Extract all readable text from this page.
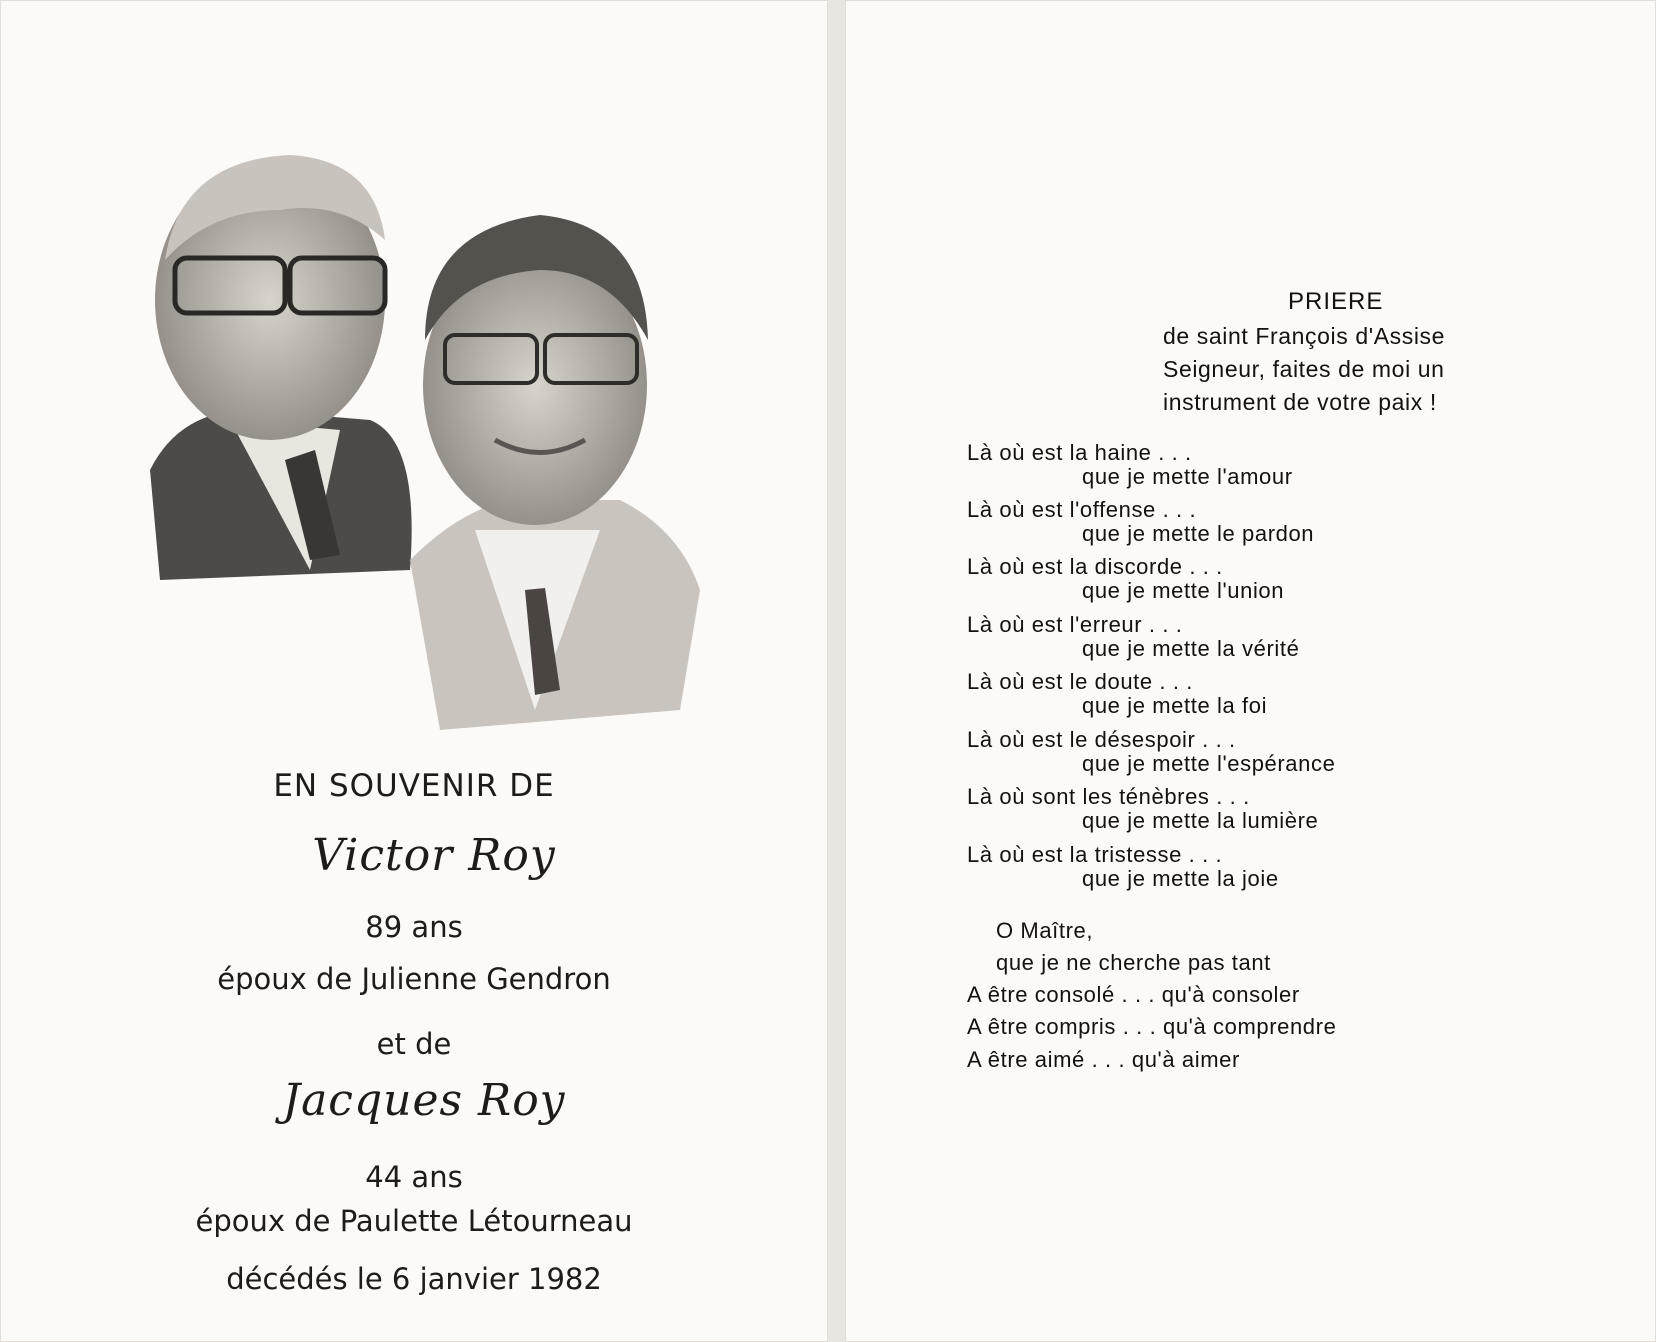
EN SOUVENIR DE
Victor Roy
89 ans
époux de Julienne Gendron
et de
Jacques Roy
44 ans
époux de Paulette Létourneau
décédés le 6 janvier 1982
PRIERE
de saint François d'Assise
Seigneur, faites de moi un
instrument de votre paix !
Là où est la haine . . .
que je mette l'amour
Là où est l'offense . . .
que je mette le pardon
Là où est la discorde . . .
que je mette l'union
Là où est l'erreur . . .
que je mette la vérité
Là où est le doute . . .
que je mette la foi
Là où est le désespoir . . .
que je mette l'espérance
Là où sont les ténèbres . . .
que je mette la lumière
Là où est la tristesse . . .
que je mette la joie
O Maître,
que je ne cherche pas tant
A être consolé . . . qu'à consoler
A être compris . . . qu'à comprendre
A être aimé . . . qu'à aimer
